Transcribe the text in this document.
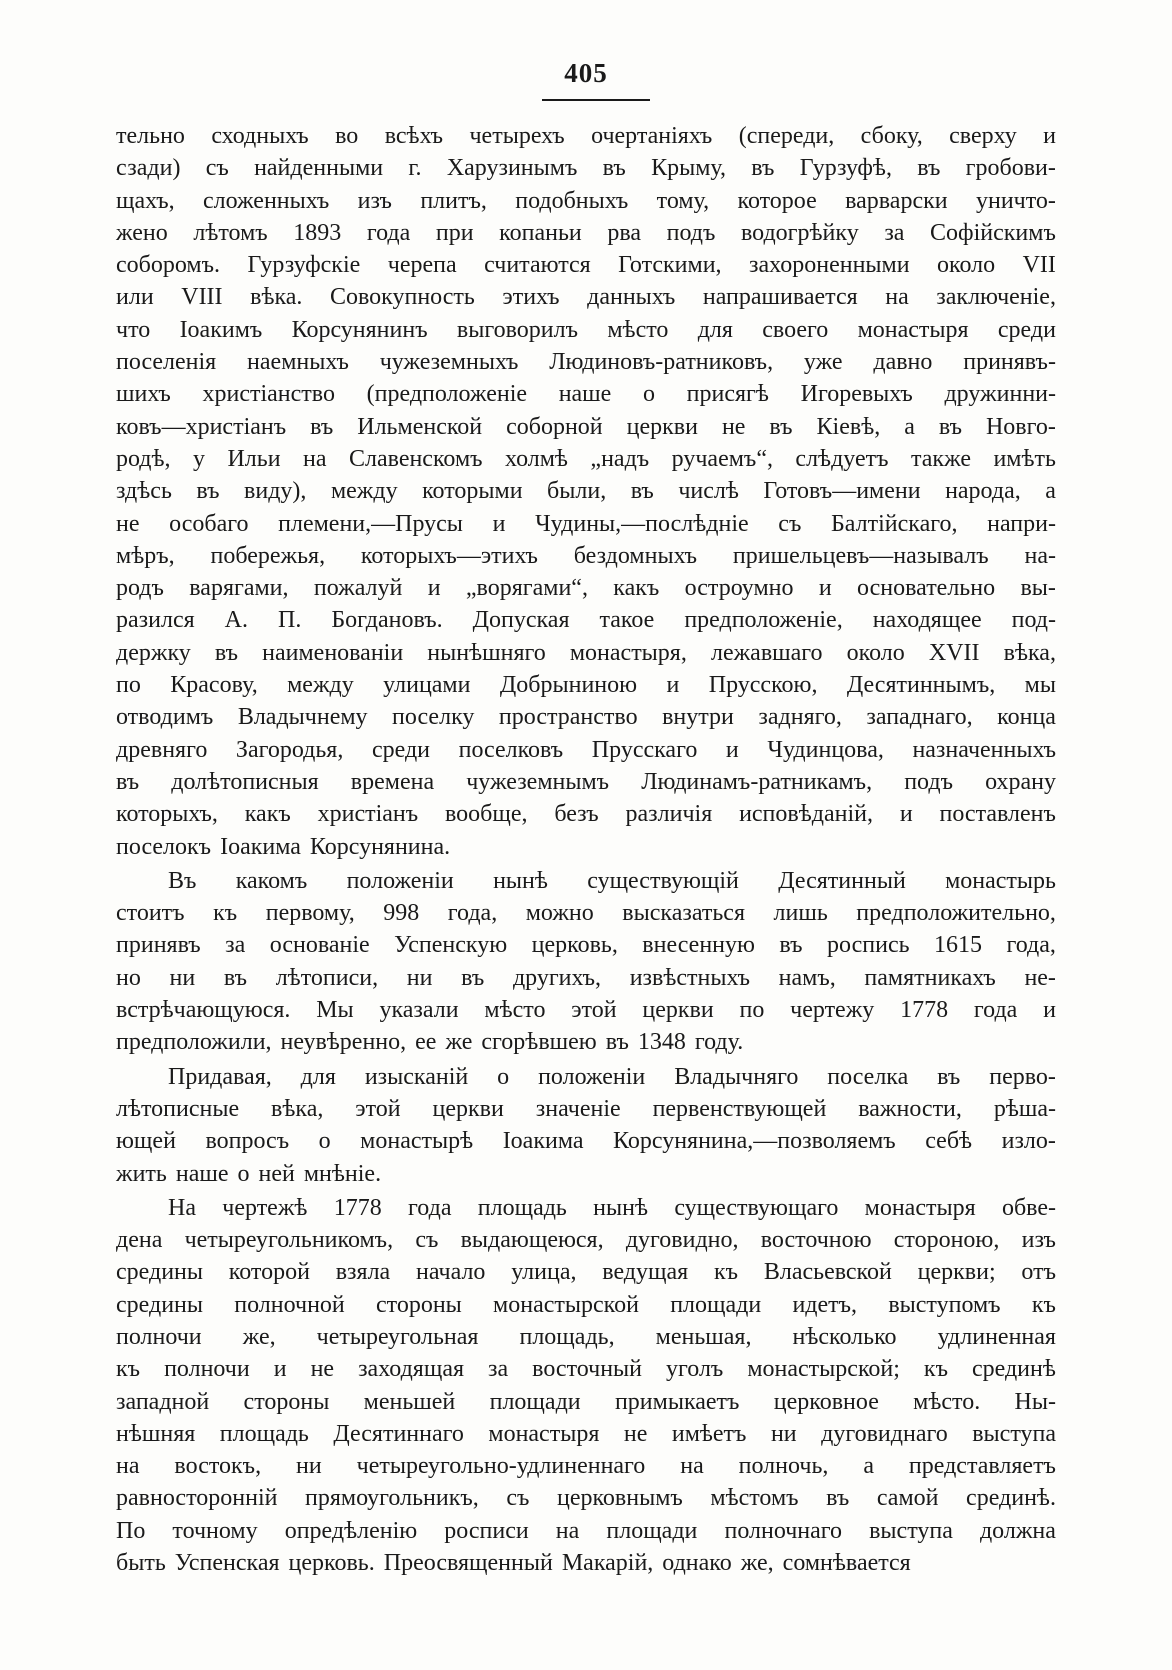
405
тельно сходныхъ во всѣхъ четырехъ очертаніяхъ (спереди, сбоку, сверху и
сзади) съ найденными г. Харузинымъ въ Крыму, въ Гурзуфѣ, въ гробови-
щахъ, сложенныхъ изъ плитъ, подобныхъ тому, которое варварски уничто-
жено лѣтомъ 1893 года при копаньи рва подъ водогрѣйку за Софійскимъ
соборомъ. Гурзуфскіе черепа считаются Готскими, захороненными около VII
или VIII вѣка. Совокупность этихъ данныхъ напрашивается на заключеніе,
что Іоакимъ Корсунянинъ выговорилъ мѣсто для своего монастыря среди
поселенія наемныхъ чужеземныхъ Людиновъ-ратниковъ, уже давно принявъ-
шихъ христіанство (предположеніе наше о присягѣ Игоревыхъ дружинни-
ковъ—христіанъ въ Ильменской соборной церкви не въ Кіевѣ, а въ Новго-
родѣ, у Ильи на Славенскомъ холмѣ „надъ ручаемъ“, слѣдуетъ также имѣть
здѣсь въ виду), между которыми были, въ числѣ Готовъ—имени народа, а
не особаго племени,—Прусы и Чудины,—послѣдніе съ Балтійскаго, напри-
мѣръ, побережья, которыхъ—этихъ бездомныхъ пришельцевъ—называлъ на-
родъ варягами, пожалуй и „ворягами“, какъ остроумно и основательно вы-
разился А. П. Богдановъ. Допуская такое предположеніе, находящее под-
держку въ наименованіи нынѣшняго монастыря, лежавшаго около XVII вѣка,
по Красову, между улицами Добрыниною и Прусскою, Десятиннымъ, мы
отводимъ Владычнему поселку пространство внутри задняго, западнаго, конца
древняго Загородья, среди поселковъ Прусскаго и Чудинцова, назначенныхъ
въ долѣтописныя времена чужеземнымъ Людинамъ-ратникамъ, подъ охрану
которыхъ, какъ христіанъ вообще, безъ различія исповѣданій, и поставленъ
поселокъ Іоакима Корсунянина.
Въ какомъ положеніи нынѣ существующій Десятинный монастырь
стоитъ къ первому, 998 года, можно высказаться лишь предположительно,
принявъ за основаніе Успенскую церковь, внесенную въ роспись 1615 года,
но ни въ лѣтописи, ни въ другихъ, извѣстныхъ намъ, памятникахъ не-
встрѣчающуюся. Мы указали мѣсто этой церкви по чертежу 1778 года и
предположили, неувѣренно, ее же сгорѣвшею въ 1348 году.
Придавая, для изысканій о положеніи Владычняго поселка въ перво-
лѣтописные вѣка, этой церкви значеніе первенствующей важности, рѣша-
ющей вопросъ о монастырѣ Іоакима Корсунянина,—позволяемъ себѣ изло-
жить наше о ней мнѣніе.
На чертежѣ 1778 года площадь нынѣ существующаго монастыря обве-
дена четыреугольникомъ, съ выдающеюся, дуговидно, восточною стороною, изъ
средины которой взяла начало улица, ведущая къ Власьевской церкви; отъ
средины полночной стороны монастырской площади идетъ, выступомъ къ
полночи же, четыреугольная площадь, меньшая, нѣсколько удлиненная
къ полночи и не заходящая за восточный уголъ монастырской; къ срединѣ
западной стороны меньшей площади примыкаетъ церковное мѣсто. Ны-
нѣшняя площадь Десятиннаго монастыря не имѣетъ ни дуговиднаго выступа
на востокъ, ни четыреугольно-удлиненнаго на полночь, а представляетъ
равносторонній прямоугольникъ, съ церковнымъ мѣстомъ въ самой срединѣ.
По точному опредѣленію росписи на площади полночнаго выступа должна
быть Успенская церковь. Преосвященный Макарій, однако же, сомнѣвается
